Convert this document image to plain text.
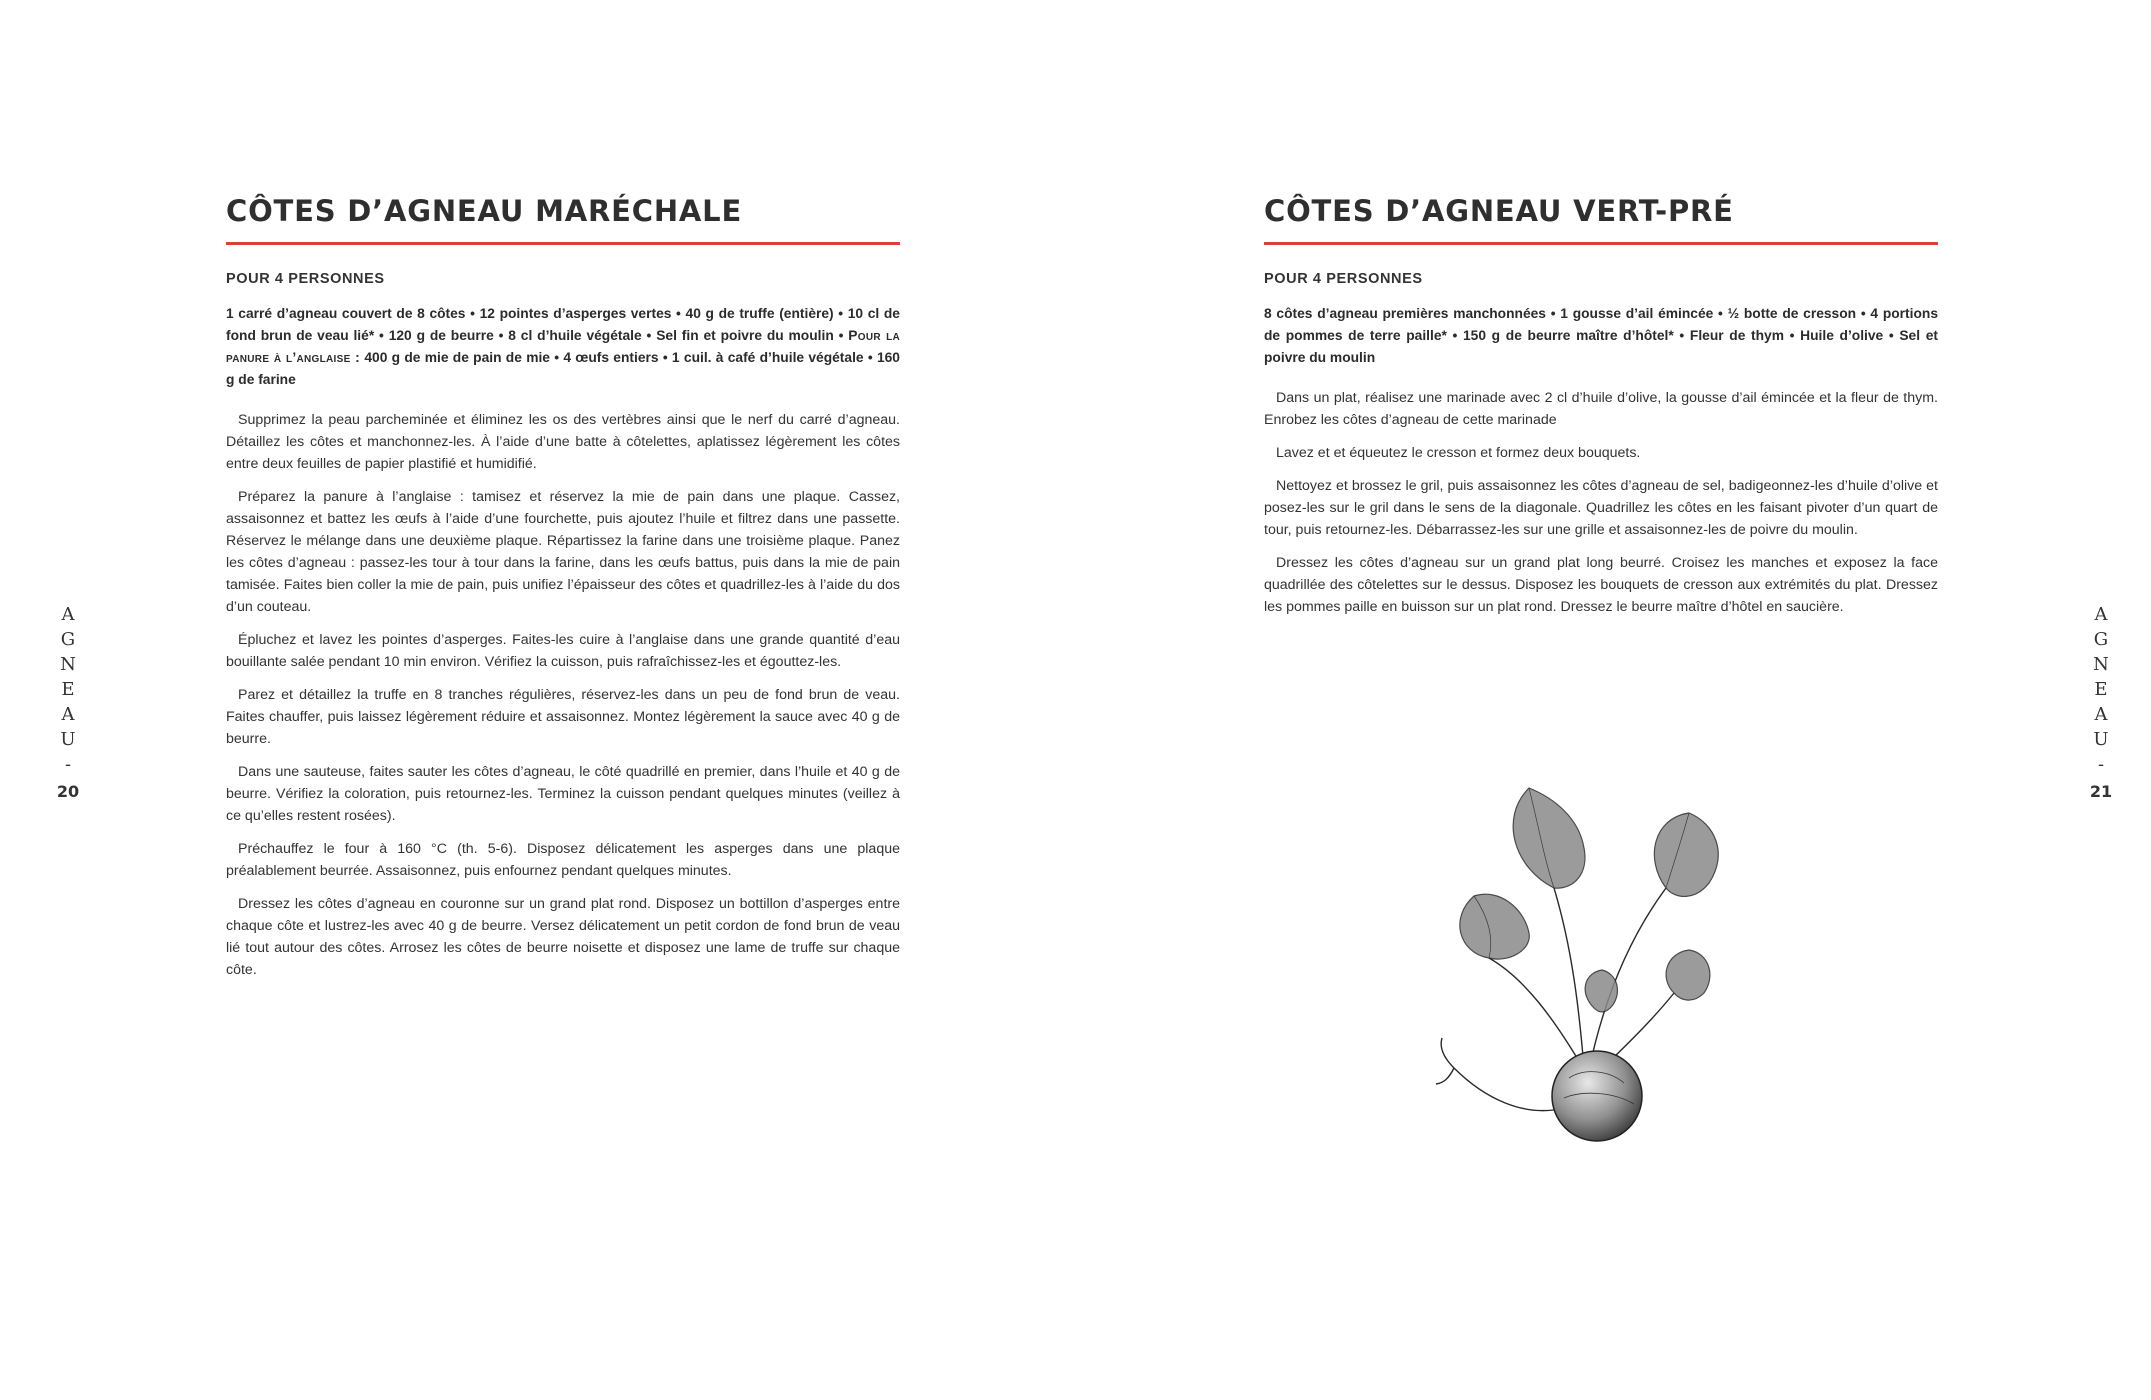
CÔTES D’AGNEAU MARÉCHALE
POUR 4 PERSONNES

1 carré d’agneau couvert de 8 côtes • 12 pointes d’asperges vertes • 40 g de truffe (entière) • 10 cl de fond brun de veau lié* • 120 g de beurre • 8 cl d’huile végétale • Sel fin et poivre du moulin • Pour la panure à l’anglaise : 400 g de mie de pain de mie • 4 œufs entiers • 1 cuil. à café d’huile végétale • 160 g de farine

Supprimez la peau parcheminée et éliminez les os des vertèbres ainsi que le nerf du carré d’agneau. Détaillez les côtes et manchonnez-les. À l’aide d’une batte à côtelettes, aplatissez légèrement les côtes entre deux feuilles de papier plastifié et humidifié.

Préparez la panure à l’anglaise : tamisez et réservez la mie de pain dans une plaque. Cassez, assaisonnez et battez les œufs à l’aide d’une fourchette, puis ajoutez l’huile et filtrez dans une passette. Réservez le mélange dans une deuxième plaque. Répartissez la farine dans une troisième plaque. Panez les côtes d’agneau : passez-les tour à tour dans la farine, dans les œufs battus, puis dans la mie de pain tamisée. Faites bien coller la mie de pain, puis unifiez l’épaisseur des côtes et quadrillez-les à l’aide du dos d’un couteau.

Épluchez et lavez les pointes d’asperges. Faites-les cuire à l’anglaise dans une grande quantité d’eau bouillante salée pendant 10 min environ. Vérifiez la cuisson, puis rafraîchissez-les et égouttez-les.

Parez et détaillez la truffe en 8 tranches régulières, réservez-les dans un peu de fond brun de veau. Faites chauffer, puis laissez légèrement réduire et assaisonnez. Montez légèrement la sauce avec 40 g de beurre.

Dans une sauteuse, faites sauter les côtes d’agneau, le côté quadrillé en premier, dans l’huile et 40 g de beurre. Vérifiez la coloration, puis retournez-les. Terminez la cuisson pendant quelques minutes (veillez à ce qu’elles restent rosées).

Préchauffez le four à 160 °C (th. 5-6). Disposez délicatement les asperges dans une plaque préalablement beurrée. Assaisonnez, puis enfournez pendant quelques minutes.

Dressez les côtes d’agneau en couronne sur un grand plat rond. Disposez un bottillon d’asperges entre chaque côte et lustrez-les avec 40 g de beurre. Versez délicatement un petit cordon de fond brun de veau lié tout autour des côtes. Arrosez les côtes de beurre noisette et disposez une lame de truffe sur chaque côte.

A
G
N
E
A
U
-
20
CÔTES D’AGNEAU VERT-PRÉ
POUR 4 PERSONNES

8 côtes d’agneau premières manchonnées • 1 gousse d’ail émincée • ½ botte de cresson • 4 portions de pommes de terre paille* • 150 g de beurre maître d’hôtel* • Fleur de thym • Huile d’olive • Sel et poivre du moulin

Dans un plat, réalisez une marinade avec 2 cl d’huile d’olive, la gousse d’ail émincée et la fleur de thym. Enrobez les côtes d’agneau de cette marinade

Lavez et et équeutez le cresson et formez deux bouquets.

Nettoyez et brossez le gril, puis assaisonnez les côtes d’agneau de sel, badigeonnez-les d’huile d’olive et posez-les sur le gril dans le sens de la diagonale. Quadrillez les côtes en les faisant pivoter d’un quart de tour, puis retournez-les. Débarrassez-les sur une grille et assaisonnez-les de poivre du moulin.

Dressez les côtes d’agneau sur un grand plat long beurré. Croisez les manches et exposez la face quadrillée des côtelettes sur le dessus. Disposez les bouquets de cresson aux extrémités du plat. Dressez les pommes paille en buisson sur un plat rond. Dressez le beurre maître d’hôtel en saucière.	A
G
N
E
A
U
-
21
